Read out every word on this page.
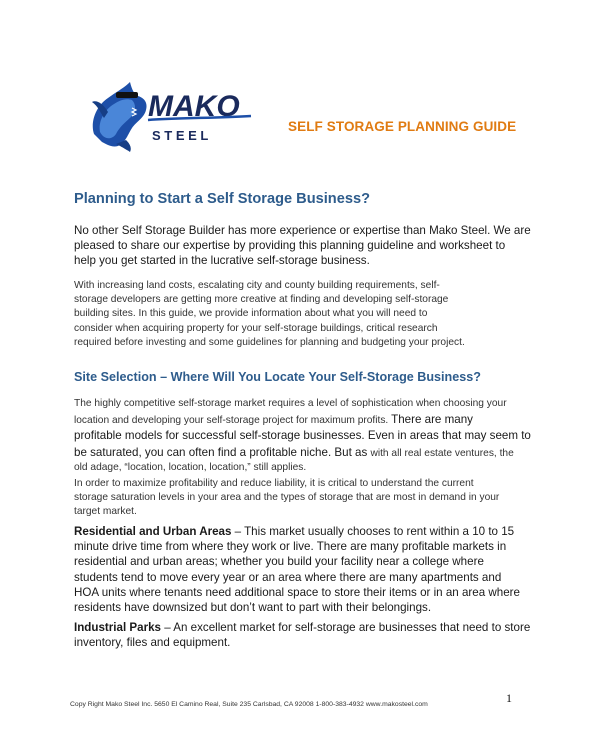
MAKO
S T E E L
SELF STORAGE PLANNING GUIDE
Planning to Start a Self Storage Business?
No other Self Storage Builder has more experience or expertise than Mako Steel. We are
pleased to share our expertise by providing this planning guideline and worksheet to
help you get started in the lucrative self-storage business.
With increasing land costs, escalating city and county building requirements, self-
storage developers are getting more creative at finding and developing self-storage
building sites. In this guide, we provide information about what you will need to
consider when acquiring property for your self-storage buildings, critical research
required before investing and some guidelines for planning and budgeting your project.
Site Selection – Where Will You Locate Your Self-Storage Business?
The highly competitive self-storage market requires a level of sophistication when choosing your
location and developing your self-storage project for maximum profits. There are many
profitable models for successful self-storage businesses. Even in areas that may seem to
be saturated, you can often find a profitable niche. But as with all real estate ventures, the
old adage, “location, location, location,” still applies.
In order to maximize profitability and reduce liability, it is critical to understand the current
storage saturation levels in your area and the types of storage that are most in demand in your
target market.
Residential and Urban Areas – This market usually chooses to rent within a 10 to 15
minute drive time from where they work or live. There are many profitable markets in
residential and urban areas; whether you build your facility near a college where
students tend to move every year or an area where there are many apartments and
HOA units where tenants need additional space to store their items or in an area where
residents have downsized but don’t want to part with their belongings.
Industrial Parks – An excellent market for self-storage are businesses that need to store
inventory, files and equipment.
Copy Right Mako Steel Inc. 5650 El Camino Real, Suite 235 Carlsbad, CA 92008 1-800-383-4932 www.makosteel.com	1
